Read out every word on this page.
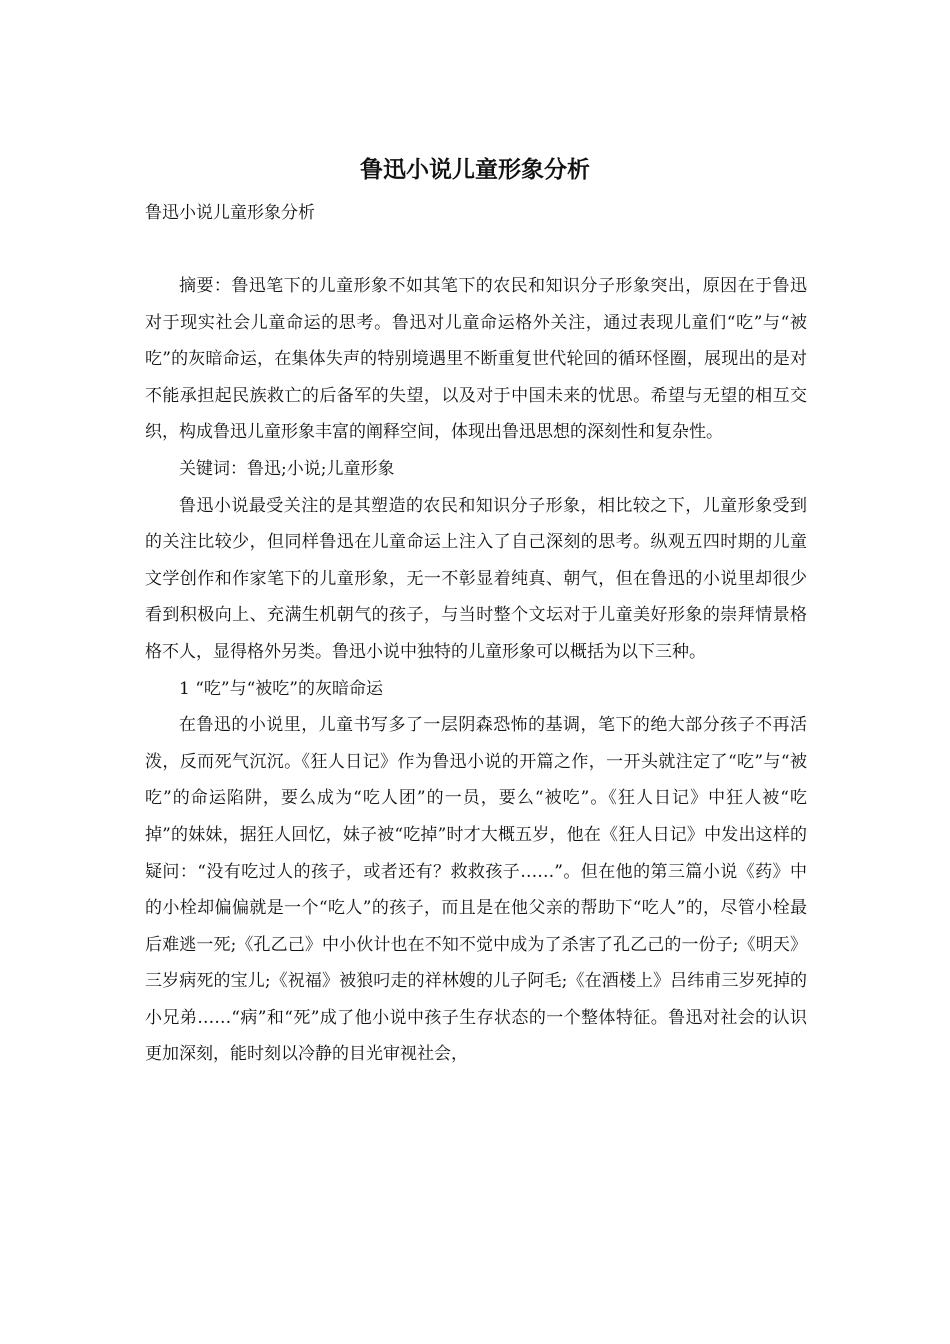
鲁迅小说儿童形象分析

鲁迅小说儿童形象分析

摘要：鲁迅笔下的儿童形象不如其笔下的农民和知识分子形象突出，原因在于鲁迅对于现实社会儿童命运的思考。鲁迅对儿童命运格外关注，通过表现儿童们“吃”与“被吃”的灰暗命运，在集体失声的特别境遇里不断重复世代轮回的循环怪圈，展现出的是对不能承担起民族救亡的后备军的失望，以及对于中国未来的忧思。希望与无望的相互交织，构成鲁迅儿童形象丰富的阐释空间，体现出鲁迅思想的深刻性和复杂性。

关键词：鲁迅;小说;儿童形象

鲁迅小说最受关注的是其塑造的农民和知识分子形象，相比较之下，儿童形象受到的关注比较少，但同样鲁迅在儿童命运上注入了自己深刻的思考。纵观五四时期的儿童文学创作和作家笔下的儿童形象，无一不彰显着纯真、朝气，但在鲁迅的小说里却很少看到积极向上、充满生机朝气的孩子，与当时整个文坛对于儿童美好形象的崇拜情景格格不人，显得格外另类。鲁迅小说中独特的儿童形象可以概括为以下三种。

1 “吃”与“被吃”的灰暗命运

在鲁迅的小说里，儿童书写多了一层阴森恐怖的基调，笔下的绝大部分孩子不再活泼，反而死气沉沉。《狂人日记》作为鲁迅小说的开篇之作，一开头就注定了“吃”与“被吃”的命运陷阱，要么成为“吃人团”的一员，要么“被吃”。《狂人日记》中狂人被“吃掉”的妹妹，据狂人回忆，妹子被“吃掉”时才大概五岁，他在《狂人日记》中发出这样的疑问：“没有吃过人的孩子，或者还有？救救孩子……”。但在他的第三篇小说《药》中的小栓却偏偏就是一个“吃人”的孩子，而且是在他父亲的帮助下“吃人”的，尽管小栓最后难逃一死;《孔乙己》中小伙计也在不知不觉中成为了杀害了孔乙己的一份子;《明天》三岁病死的宝儿;《祝福》被狼叼走的祥林嫂的儿子阿毛;《在酒楼上》吕纬甫三岁死掉的小兄弟……“病”和“死”成了他小说中孩子生存状态的一个整体特征。鲁迅对社会的认识更加深刻，能时刻以冷静的目光审视社会，
